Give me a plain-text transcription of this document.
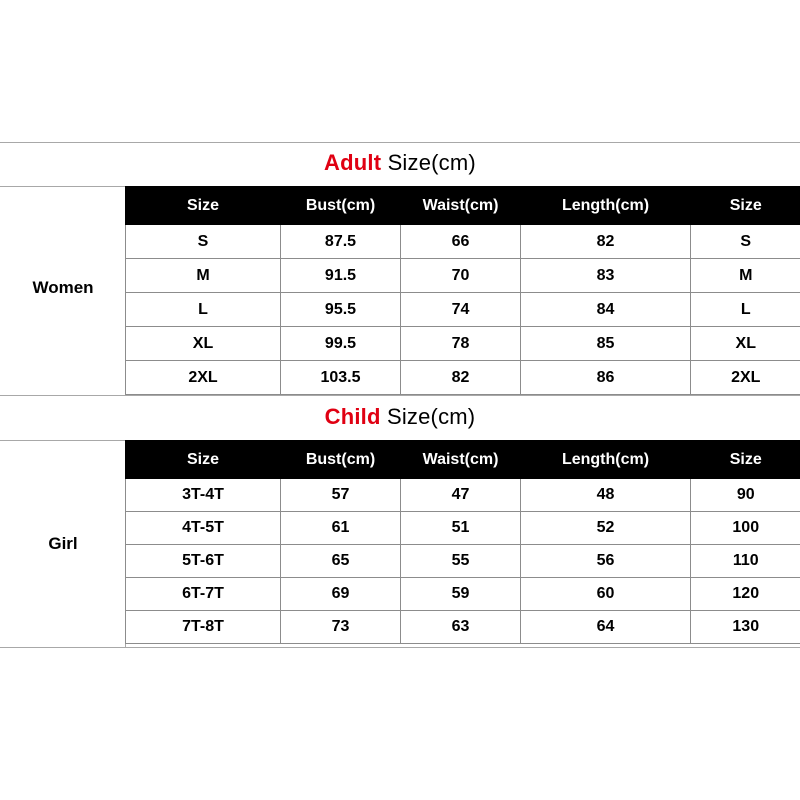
Adult Size(cm)
Women
Size	Bust(cm)	Waist(cm)	Length(cm)	Size
S	87.5	66	82	S
M	91.5	70	83	M
L	95.5	74	84	L
XL	99.5	78	85	XL
2XL	103.5	82	86	2XL
Child Size(cm)
Girl
Size	Bust(cm)	Waist(cm)	Length(cm)	Size
3T-4T	57	47	48	90
4T-5T	61	51	52	100
5T-6T	65	55	56	110
6T-7T	69	59	60	120
7T-8T	73	63	64	130
